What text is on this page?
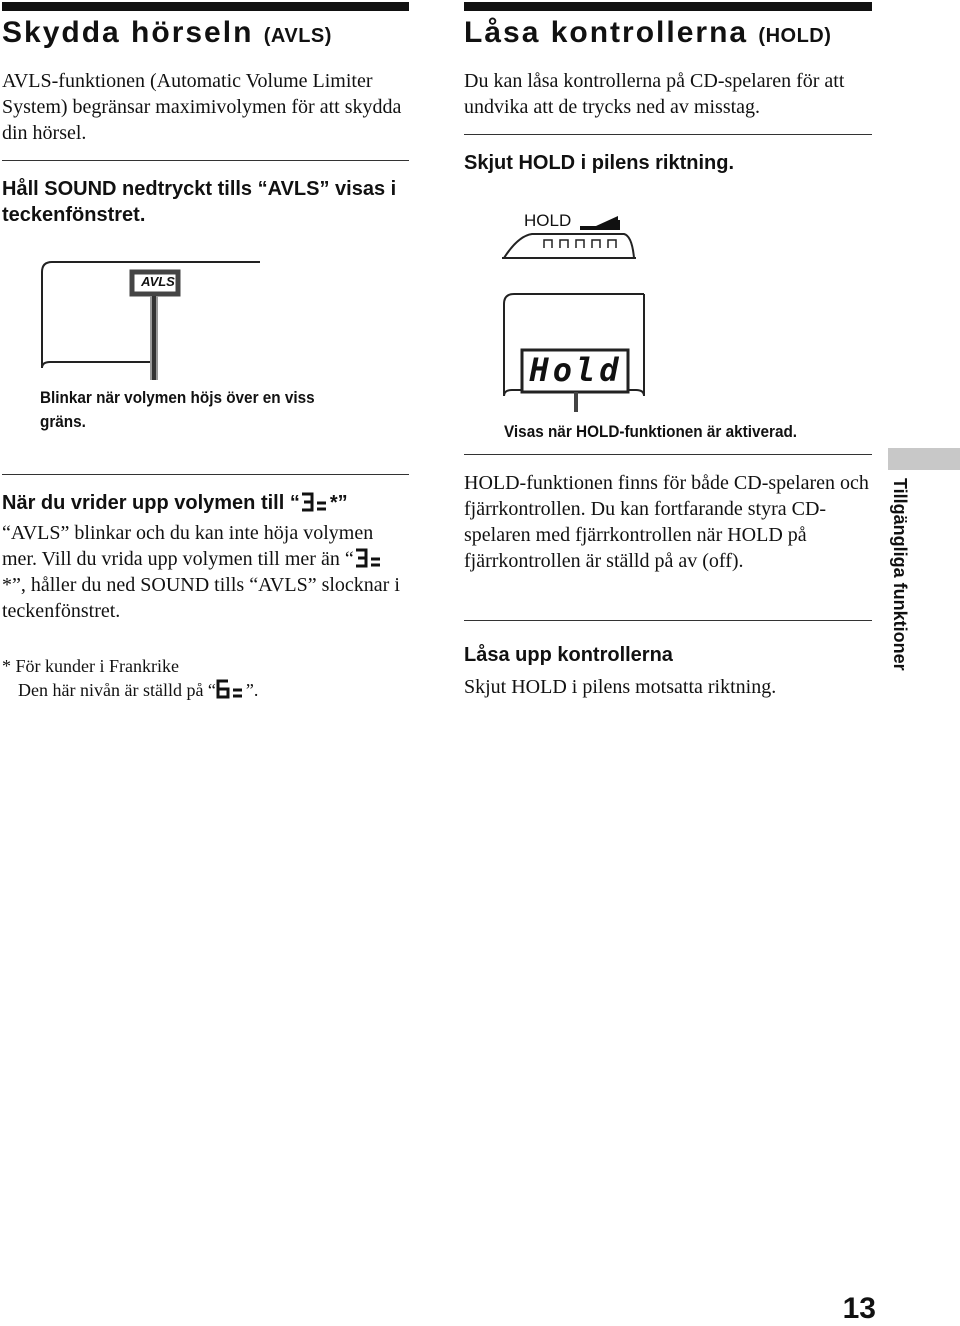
Skydda hörseln (AVLS)
AVLS-funktionen (Automatic Volume Limiter System) begränsar maximivolymen för att skydda din hörsel.
Håll SOUND nedtryckt tills “AVLS” visas i teckenfönstret.
AVLS
Blinkar när volymen höjs över en viss gräns.
När du vrider upp volymen till “ *”
“AVLS” blinkar och du kan inte höja volymen mer. Vill du vrida upp volymen till mer än “*”, håller du ned SOUND tills “AVLS” slocknar i teckenfönstret.
* För kunder i Frankrike
Den här nivån är ställd på “ ”.
Låsa kontrollerna (HOLD)
Du kan låsa kontrollerna på CD-spelaren för att undvika att de trycks ned av misstag.
Skjut HOLD i pilens riktning.
HOLD
Hold
Visas när HOLD-funktionen är aktiverad.
HOLD-funktionen finns för både CD-spelaren och fjärrkontrollen. Du kan fortfarande styra CD-spelaren med fjärrkontrollen när HOLD på fjärrkontrollen är ställd på av (off).
Låsa upp kontrollerna
Skjut HOLD i pilens motsatta riktning.
Tillgängliga funktioner
13
